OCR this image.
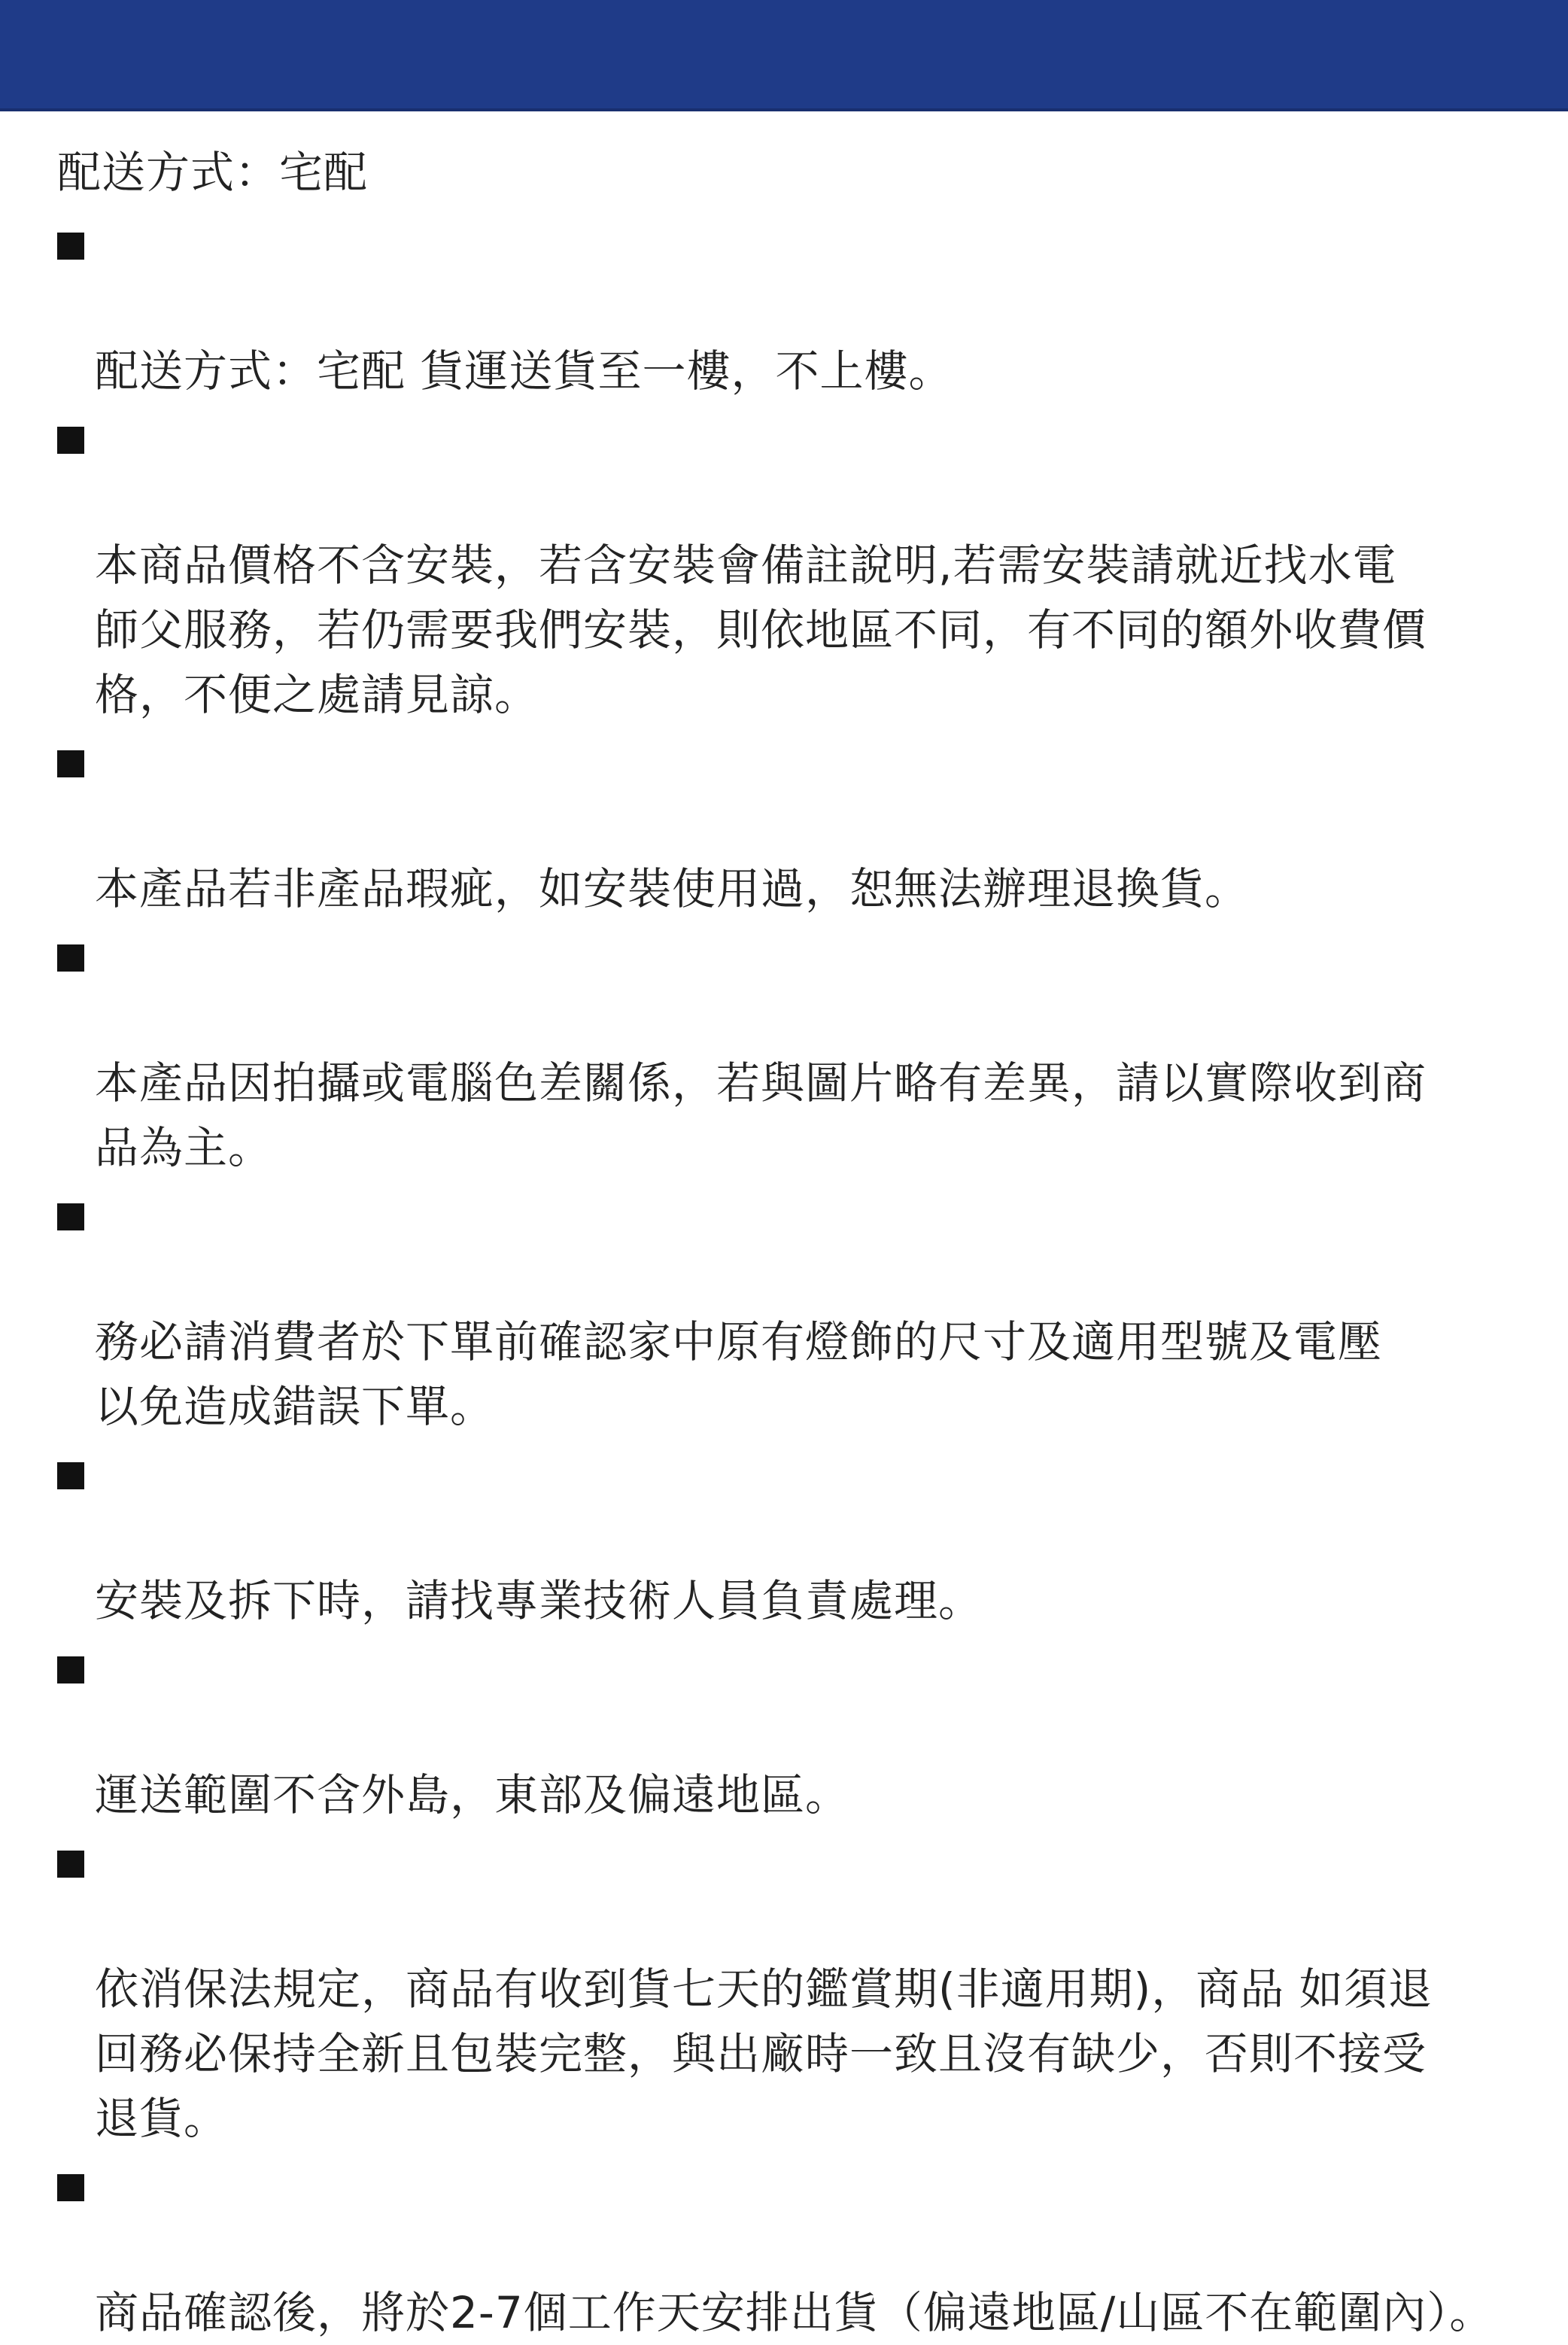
配送方式：宅配

配送方式：宅配 貨運送貨至一樓，不上樓。

本商品價格不含安裝，若含安裝會備註說明,若需安裝請就近找水電
師父服務，若仍需要我們安裝，則依地區不同，有不同的額外收費價
格，不便之處請見諒。

本產品若非產品瑕疵，如安裝使用過，恕無法辦理退換貨。

本產品因拍攝或電腦色差關係，若與圖片略有差異，請以實際收到商
品為主。

務必請消費者於下單前確認家中原有燈飾的尺寸及適用型號及電壓
以免造成錯誤下單。

安裝及拆下時，請找專業技術人員負責處理。

運送範圍不含外島，東部及偏遠地區。

依消保法規定，商品有收到貨七天的鑑賞期(非適用期)，商品 如須退
回務必保持全新且包裝完整，與出廠時一致且沒有缺少，否則不接受
退貨。

商品確認後，將於2-7個工作天安排出貨（偏遠地區/山區不在範圍內）。
